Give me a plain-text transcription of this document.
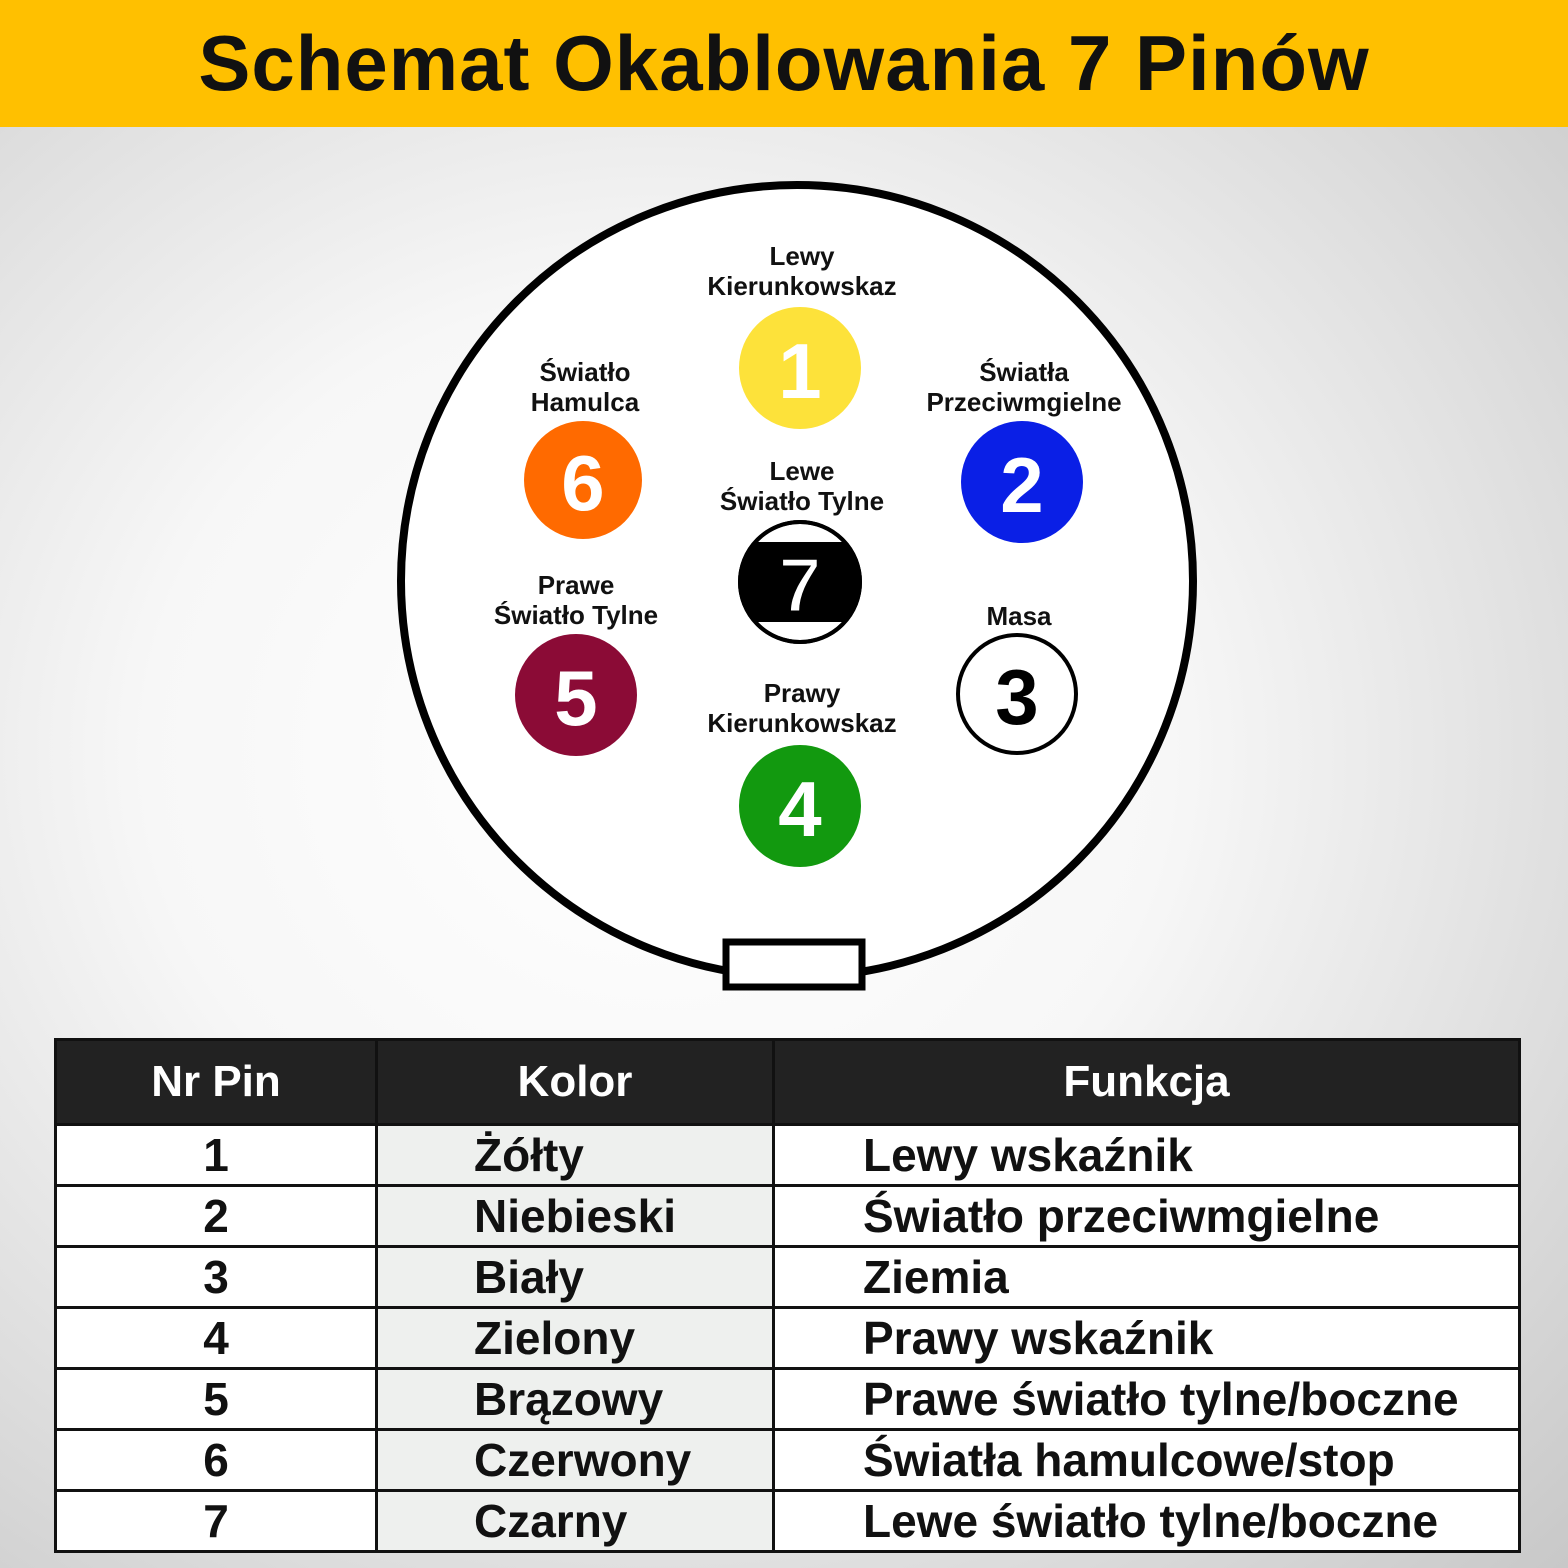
Schemat Okablowania 7 Pinów
1
Lewy
Kierunkowskaz
2
Światła
Przeciwmgielne
3
Masa
4
Prawy
Kierunkowskaz
5
Prawe
Światło Tylne
6
Światło
Hamulca
7
Lewe
Światło Tylne
Nr Pin	Kolor	Funkcja
1	Żółty	Lewy wskaźnik
2	Niebieski	Światło przeciwmgielne
3	Biały	Ziemia
4	Zielony	Prawy wskaźnik
5	Brązowy	Prawe światło tylne/boczne
6	Czerwony	Światła hamulcowe/stop
7	Czarny	Lewe światło tylne/boczne
